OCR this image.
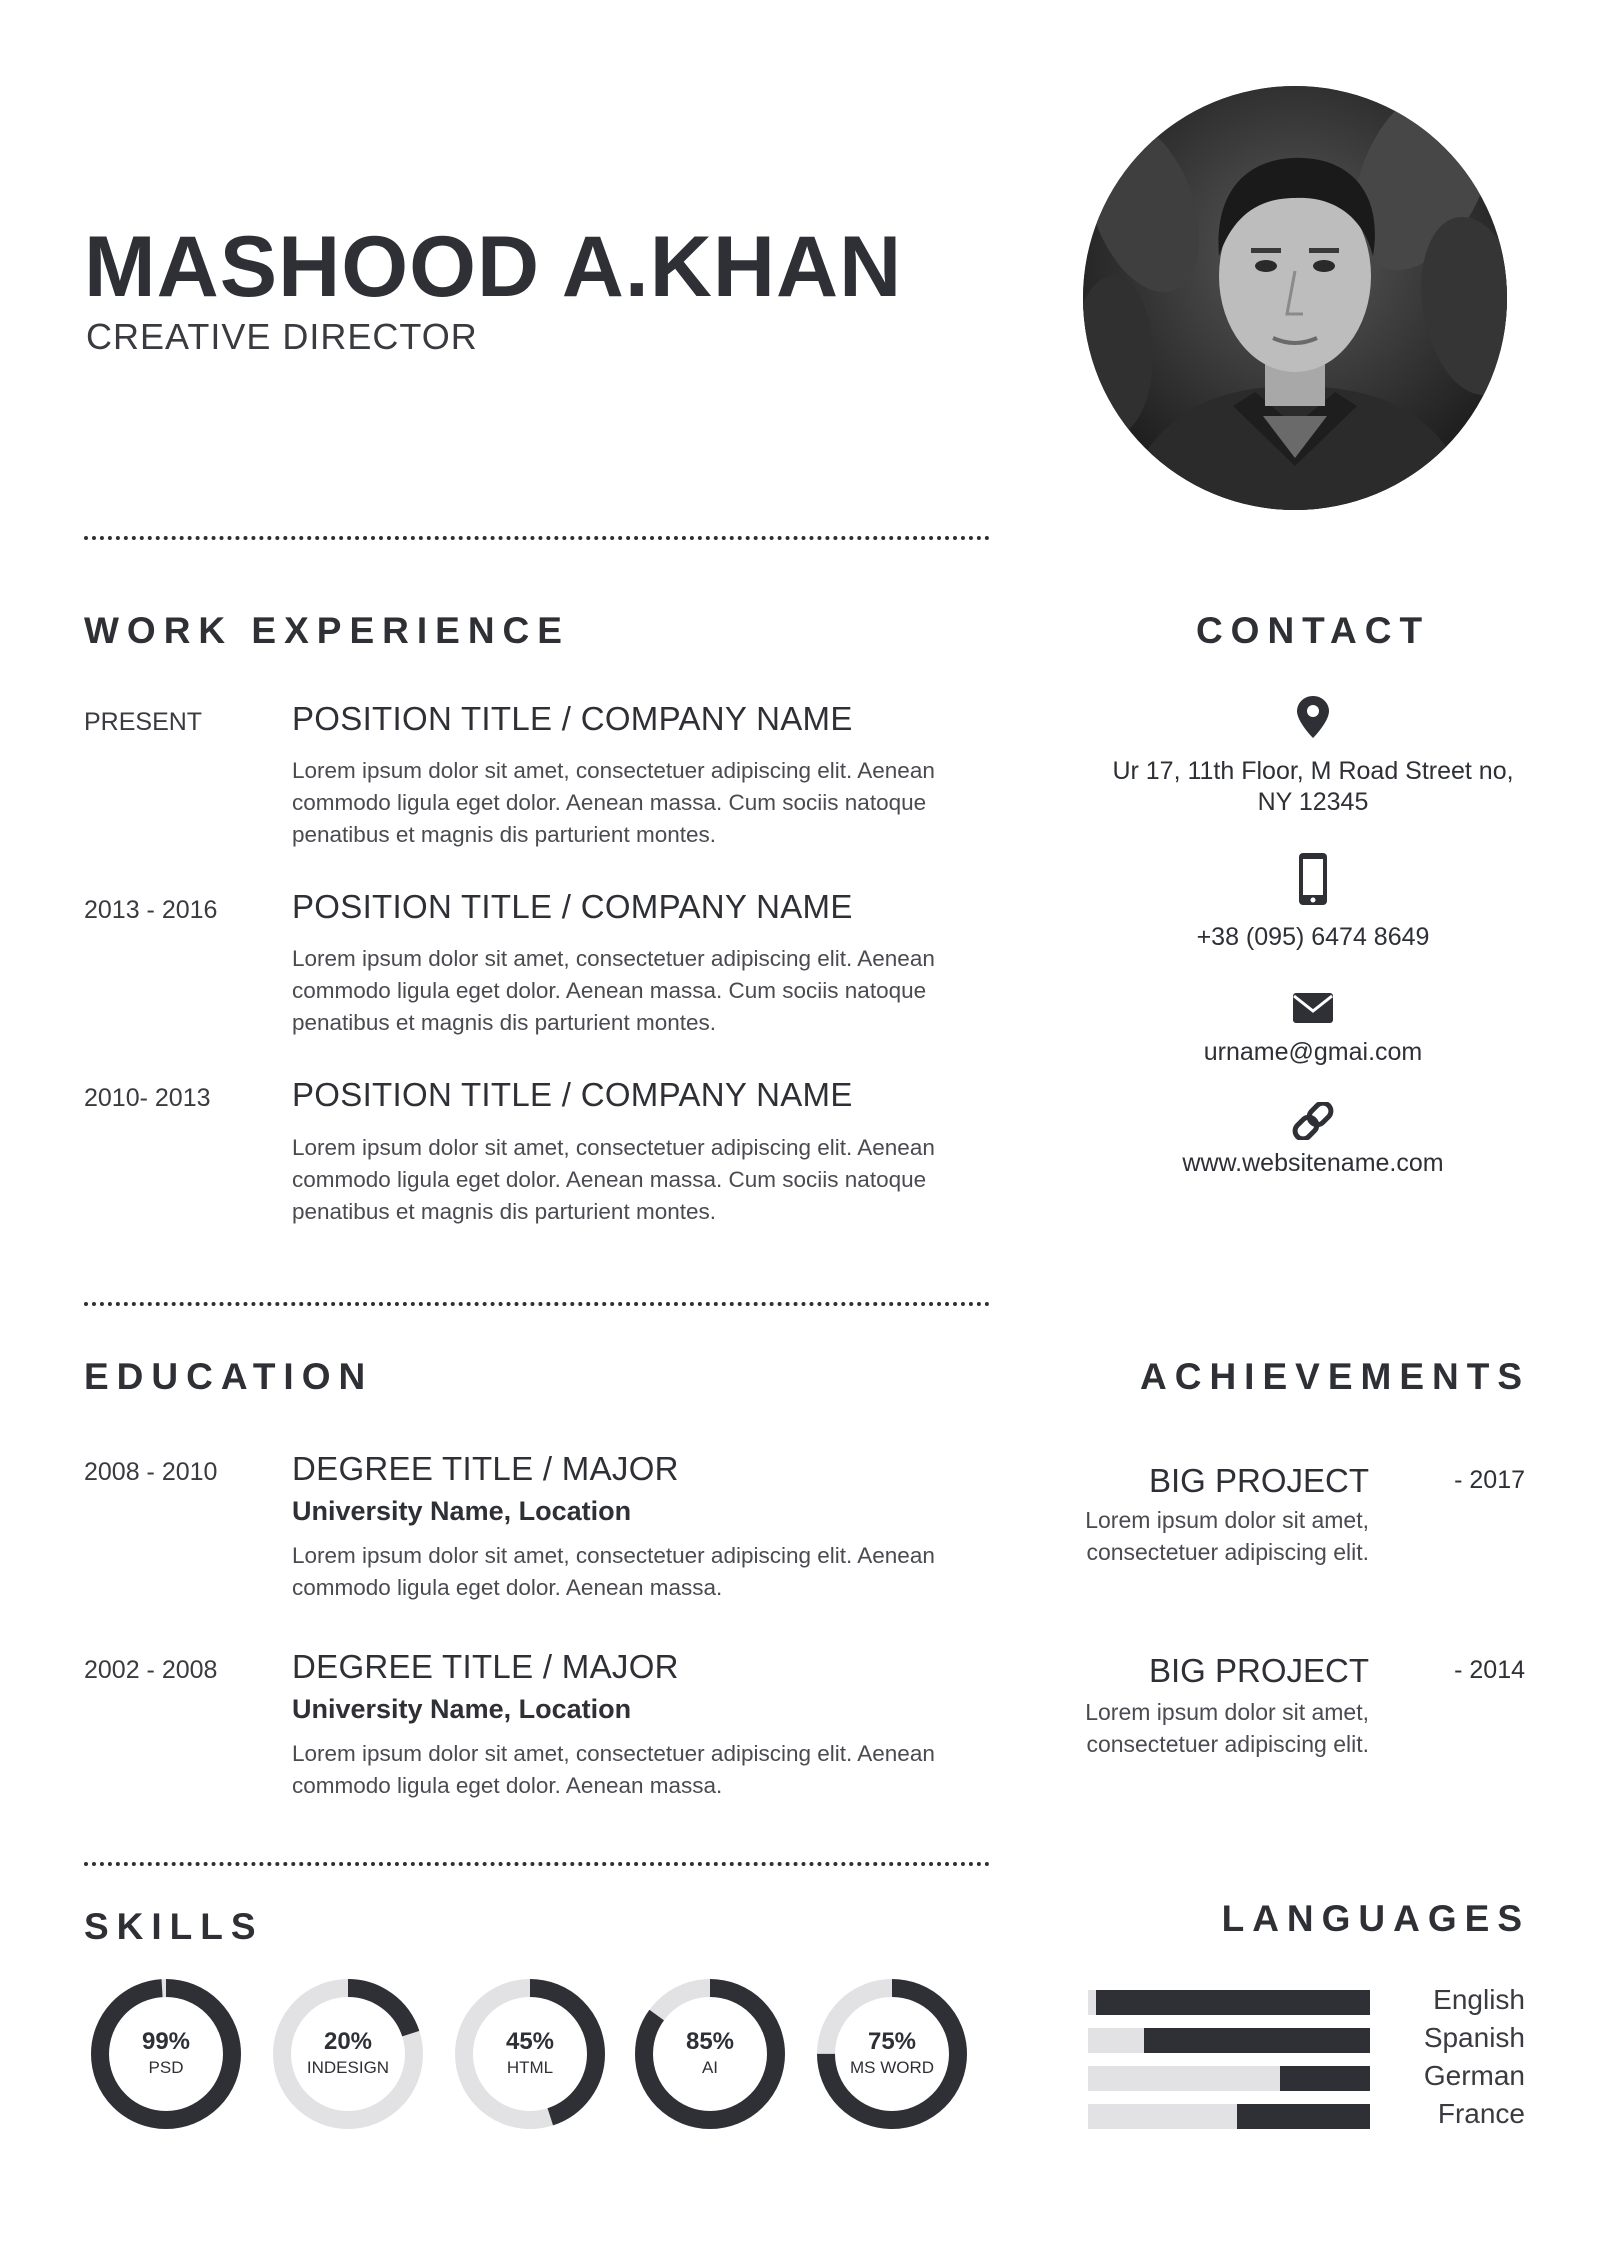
MASHOOD A.KHAN
CREATIVE DIRECTOR
WORK EXPERIENCE
PRESENT	POSITION TITLE / COMPANY NAME
Lorem ipsum dolor sit amet, consectetuer adipiscing elit. Aenean commodo ligula eget dolor. Aenean massa. Cum sociis natoque penatibus et magnis dis parturient montes.
2013 - 2016 POSITION TITLE / COMPANY NAME
Lorem ipsum dolor sit amet, consectetuer adipiscing elit. Aenean commodo ligula eget dolor. Aenean massa. Cum sociis natoque penatibus et magnis dis parturient montes.
2010- 2013 POSITION TITLE / COMPANY NAME
Lorem ipsum dolor sit amet, consectetuer adipiscing elit. Aenean commodo ligula eget dolor. Aenean massa. Cum sociis natoque penatibus et magnis dis parturient montes.
CONTACT
Ur 17, 11th Floor, M Road Street no, NY 12345
+38 (095) 6474 8649
urname@gmai.com
www.websitename.com
EDUCATION
2008 - 2010 DEGREE TITLE / MAJOR
University Name, Location
Lorem ipsum dolor sit amet, consectetuer adipiscing elit. Aenean commodo ligula eget dolor. Aenean massa.
2002 - 2008 DEGREE TITLE / MAJOR
University Name, Location
Lorem ipsum dolor sit amet, consectetuer adipiscing elit. Aenean commodo ligula eget dolor. Aenean massa.
ACHIEVEMENTS
BIG PROJECT	- 2017
Lorem ipsum dolor sit amet, consectetuer adipiscing elit.
BIG PROJECT	- 2014
Lorem ipsum dolor sit amet, consectetuer adipiscing elit.
SKILLS
99%
PSD
20%
INDESIGN
45%
HTML
85%
AI
75%
MS WORD
LANGUAGES
English
Spanish
German
France
